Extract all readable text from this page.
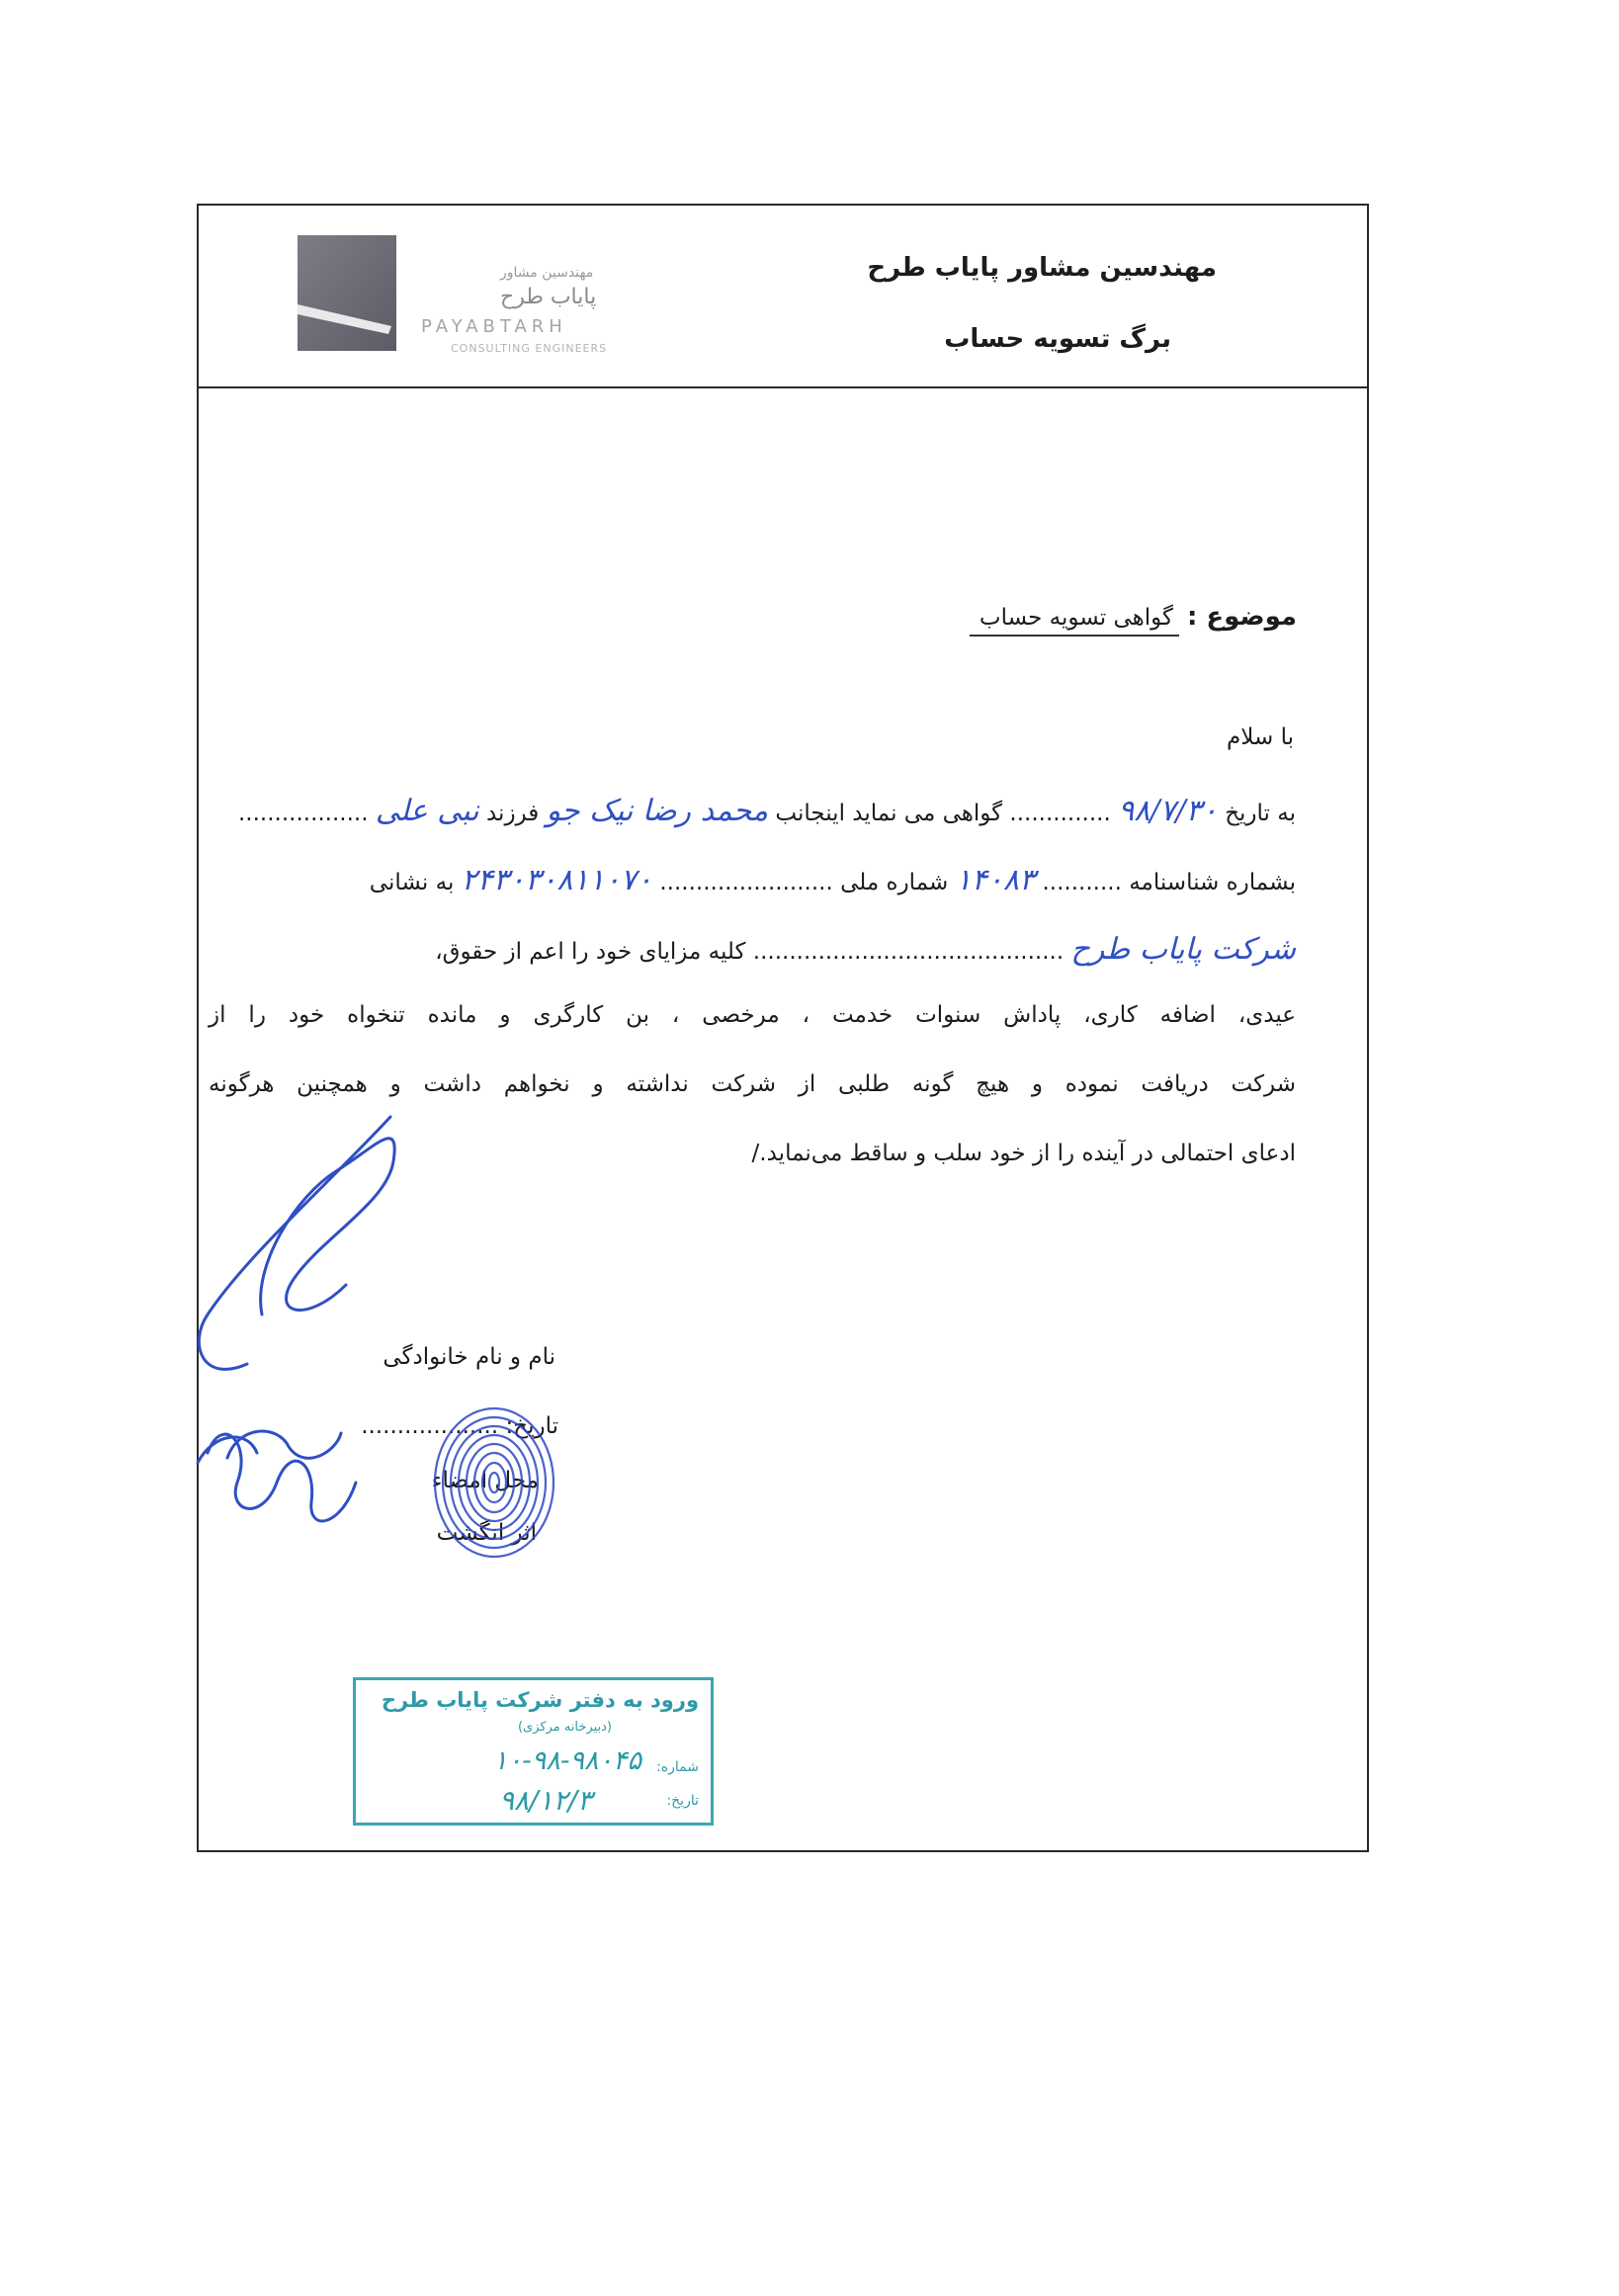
مهندسین مشاور پایاب طرح
برگ تسویه حساب
مهندسین مشاور
پایاب طرح
PAYABTARH
CONSULTING ENGINEERS
موضوع :
گواهی تسویه حساب
با سلام
به تاریخ ۹۸/۷/۳۰ .............. گواهی می نماید اینجانب محمد رضا نیک جو فرزند نبی علی ..................
بشماره شناسنامه ........... ۱۴۰۸۳ شماره ملی ........................ ۲۴۳۰۳۰۸۱۱۰۷۰ به نشانی
شرکت پایاب طرح ........................................... کلیه مزایای خود را اعم از حقوق،
عیدی، اضافه کاری، پاداش سنوات خدمت ، مرخصی ، بن کارگری و مانده تنخواه خود را از
شرکت دریافت نموده و هیچ گونه طلبی از شرکت نداشته و نخواهم داشت و همچنین هرگونه
ادعای احتمالی در آینده را از خود سلب و ساقط می‌نماید./
نام و نام خانوادگی
تاریخ: ...................
محل امضاء
اثر انگشت
ورود به دفتر شرکت پایاب طرح
(دبیرخانه مرکزی)
شماره:
۱۰-۹۸-۹۸۰۴۵
تاریخ:
۹۸/۱۲/۳
